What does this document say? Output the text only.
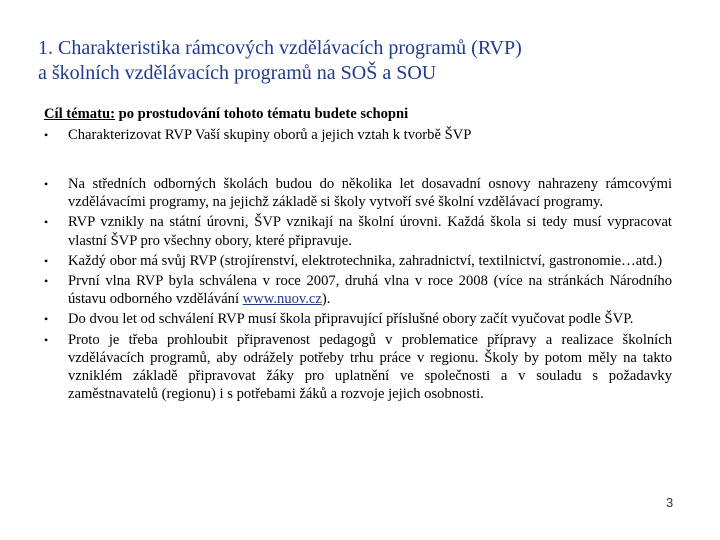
1. Charakteristika rámcových vzdělávacích programů (RVP)
a školních vzdělávacích programů na SOŠ a SOU
Cíl tématu: po prostudování tohoto tématu budete schopni
•	Charakterizovat RVP Vaší skupiny oborů a jejich vztah k tvorbě ŠVP
•	Na středních odborných školách budou do několika let dosavadní osnovy nahrazeny rámcovými vzdělávacími programy, na jejichž základě si školy vytvoří své školní vzdělávací programy.
•	RVP vznikly na státní úrovni, ŠVP vznikají na školní úrovni. Každá škola si tedy musí vypracovat vlastní ŠVP pro všechny obory, které připravuje.
•	Každý obor má svůj RVP (strojírenství, elektrotechnika, zahradnictví, textilnictví, gastronomie…atd.)
•	První vlna RVP byla schválena v roce 2007, druhá vlna v roce 2008 (více na stránkách Národního ústavu odborného vzdělávání www.nuov.cz).
•	Do dvou let od schválení RVP musí škola připravující příslušné obory začít vyučovat podle ŠVP.
•	Proto je třeba prohloubit připravenost pedagogů v problematice přípravy a realizace školních vzdělávacích programů, aby odrážely potřeby trhu práce v regionu. Školy by potom měly na takto vzniklém základě připravovat žáky pro uplatnění ve společnosti a v souladu s požadavky zaměstnavatelů (regionu) i s potřebami žáků a rozvoje jejich osobnosti.
3
